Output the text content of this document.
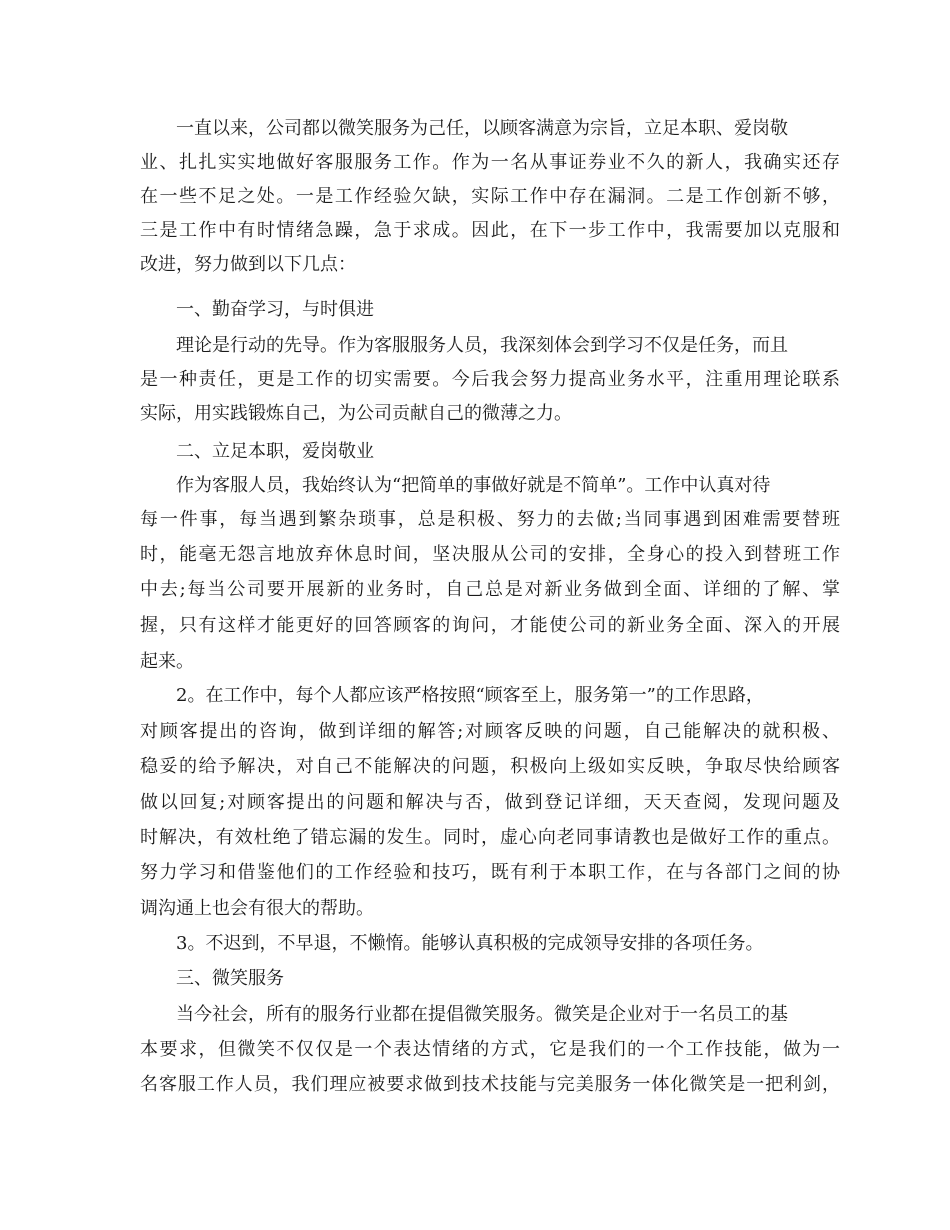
一直以来，公司都以微笑服务为己任，以顾客满意为宗旨，立足本职、爱岗敬

业、扎扎实实地做好客服服务工作。作为一名从事证券业不久的新人，我确实还存

在一些不足之处。一是工作经验欠缺，实际工作中存在漏洞。二是工作创新不够，

三是工作中有时情绪急躁，急于求成。因此，在下一步工作中，我需要加以克服和

改进，努力做到以下几点：

一、勤奋学习，与时俱进

理论是行动的先导。作为客服服务人员，我深刻体会到学习不仅是任务，而且

是一种责任，更是工作的切实需要。今后我会努力提高业务水平，注重用理论联系

实际，用实践锻炼自己，为公司贡献自己的微薄之力。

二、立足本职，爱岗敬业

作为客服人员，我始终认为“把简单的事做好就是不简单”。工作中认真对待

每一件事，每当遇到繁杂琐事，总是积极、努力的去做;当同事遇到困难需要替班

时，能毫无怨言地放弃休息时间，坚决服从公司的安排，全身心的投入到替班工作

中去;每当公司要开展新的业务时，自己总是对新业务做到全面、详细的了解、掌

握，只有这样才能更好的回答顾客的询问，才能使公司的新业务全面、深入的开展

起来。

2。在工作中，每个人都应该严格按照“顾客至上，服务第一”的工作思路，

对顾客提出的咨询，做到详细的解答;对顾客反映的问题，自己能解决的就积极、

稳妥的给予解决，对自己不能解决的问题，积极向上级如实反映，争取尽快给顾客

做以回复;对顾客提出的问题和解决与否，做到登记详细，天天查阅，发现问题及

时解决，有效杜绝了错忘漏的发生。同时，虚心向老同事请教也是做好工作的重点。

努力学习和借鉴他们的工作经验和技巧，既有利于本职工作，在与各部门之间的协

调沟通上也会有很大的帮助。

3。不迟到，不早退，不懒惰。能够认真积极的完成领导安排的各项任务。

三、微笑服务

当今社会，所有的服务行业都在提倡微笑服务。微笑是企业对于一名员工的基

本要求，但微笑不仅仅是一个表达情绪的方式，它是我们的一个工作技能，做为一

名客服工作人员，我们理应被要求做到技术技能与完美服务一体化微笑是一把利剑，
